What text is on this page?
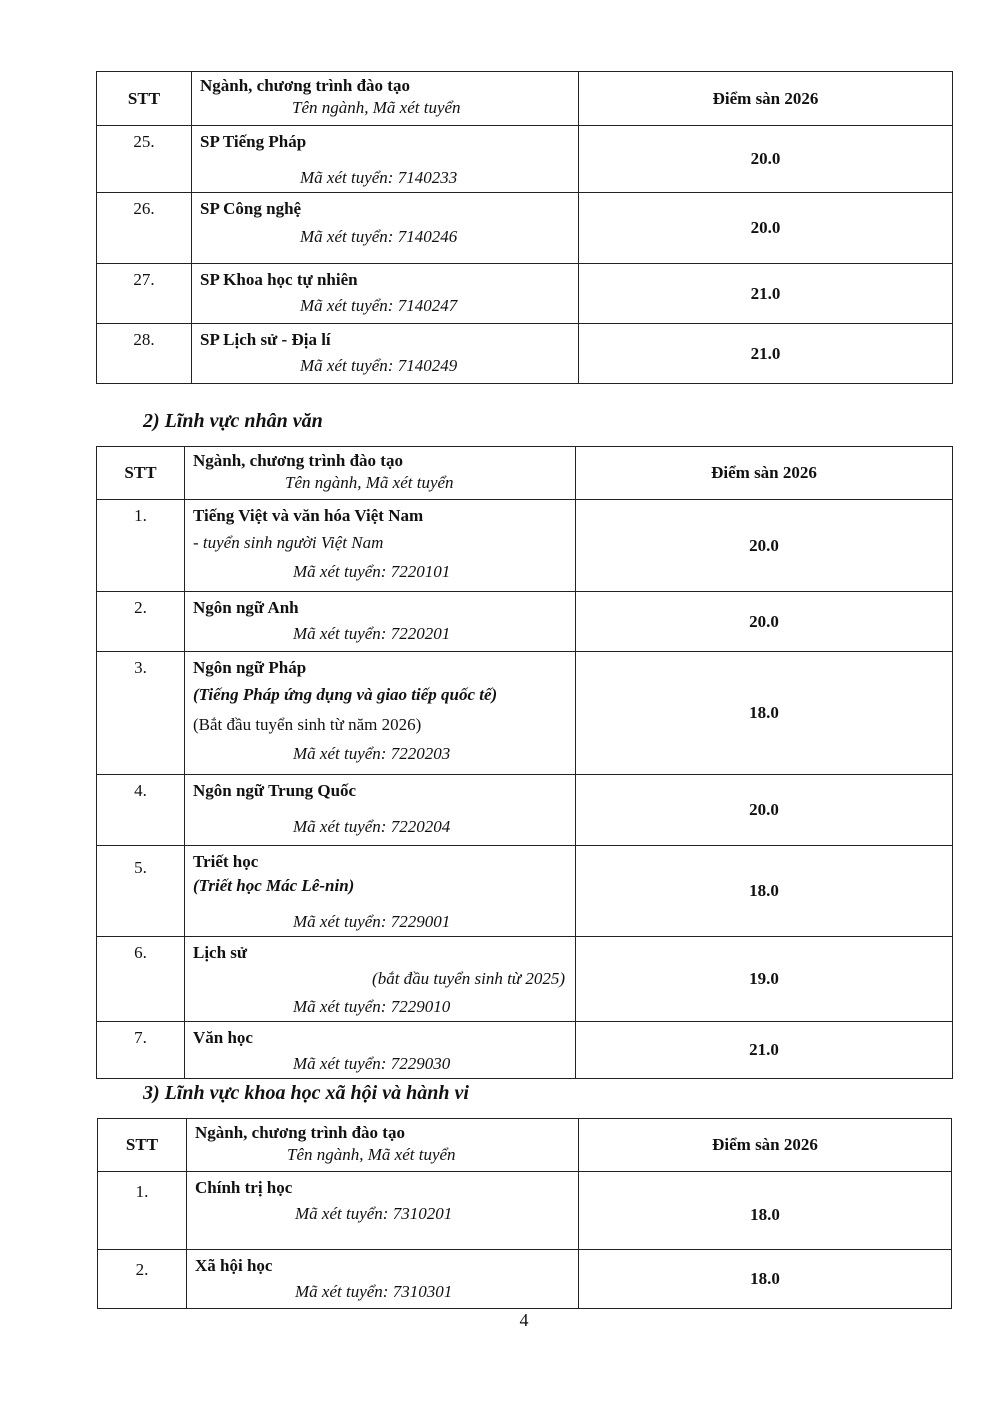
STT	Ngành, chương trình đào tạo
Tên ngành, Mã xét tuyển	Điểm sàn 2026
25.	SP Tiếng Pháp
Mã xét tuyển: 7140233	20.0
26.	SP Công nghệ
Mã xét tuyển: 7140246	20.0
27.	SP Khoa học tự nhiên
Mã xét tuyển: 7140247	21.0
28.	SP Lịch sử - Địa lí
Mã xét tuyển: 7140249	21.0
2) Lĩnh vực nhân văn
STT	Ngành, chương trình đào tạo
Tên ngành, Mã xét tuyển	Điểm sàn 2026
1.	Tiếng Việt và văn hóa Việt Nam
- tuyển sinh người Việt Nam
Mã xét tuyển: 7220101	20.0
2.	Ngôn ngữ Anh
Mã xét tuyển: 7220201	20.0
3.	Ngôn ngữ Pháp
(Tiếng Pháp ứng dụng và giao tiếp quốc tế)
(Bắt đầu tuyển sinh từ năm 2026)
Mã xét tuyển: 7220203	18.0
4.	Ngôn ngữ Trung Quốc
Mã xét tuyển: 7220204	20.0
5.	Triết học
(Triết học Mác Lê-nin)
Mã xét tuyển: 7229001	18.0
6.	Lịch sử
(bắt đầu tuyển sinh từ 2025)
Mã xét tuyển: 7229010	19.0
7.	Văn học
Mã xét tuyển: 7229030	21.0
3) Lĩnh vực khoa học xã hội và hành vi
STT	Ngành, chương trình đào tạo
Tên ngành, Mã xét tuyển	Điểm sàn 2026
1.	Chính trị học
Mã xét tuyển: 7310201	18.0
2.	Xã hội học
Mã xét tuyển: 7310301	18.0
4
